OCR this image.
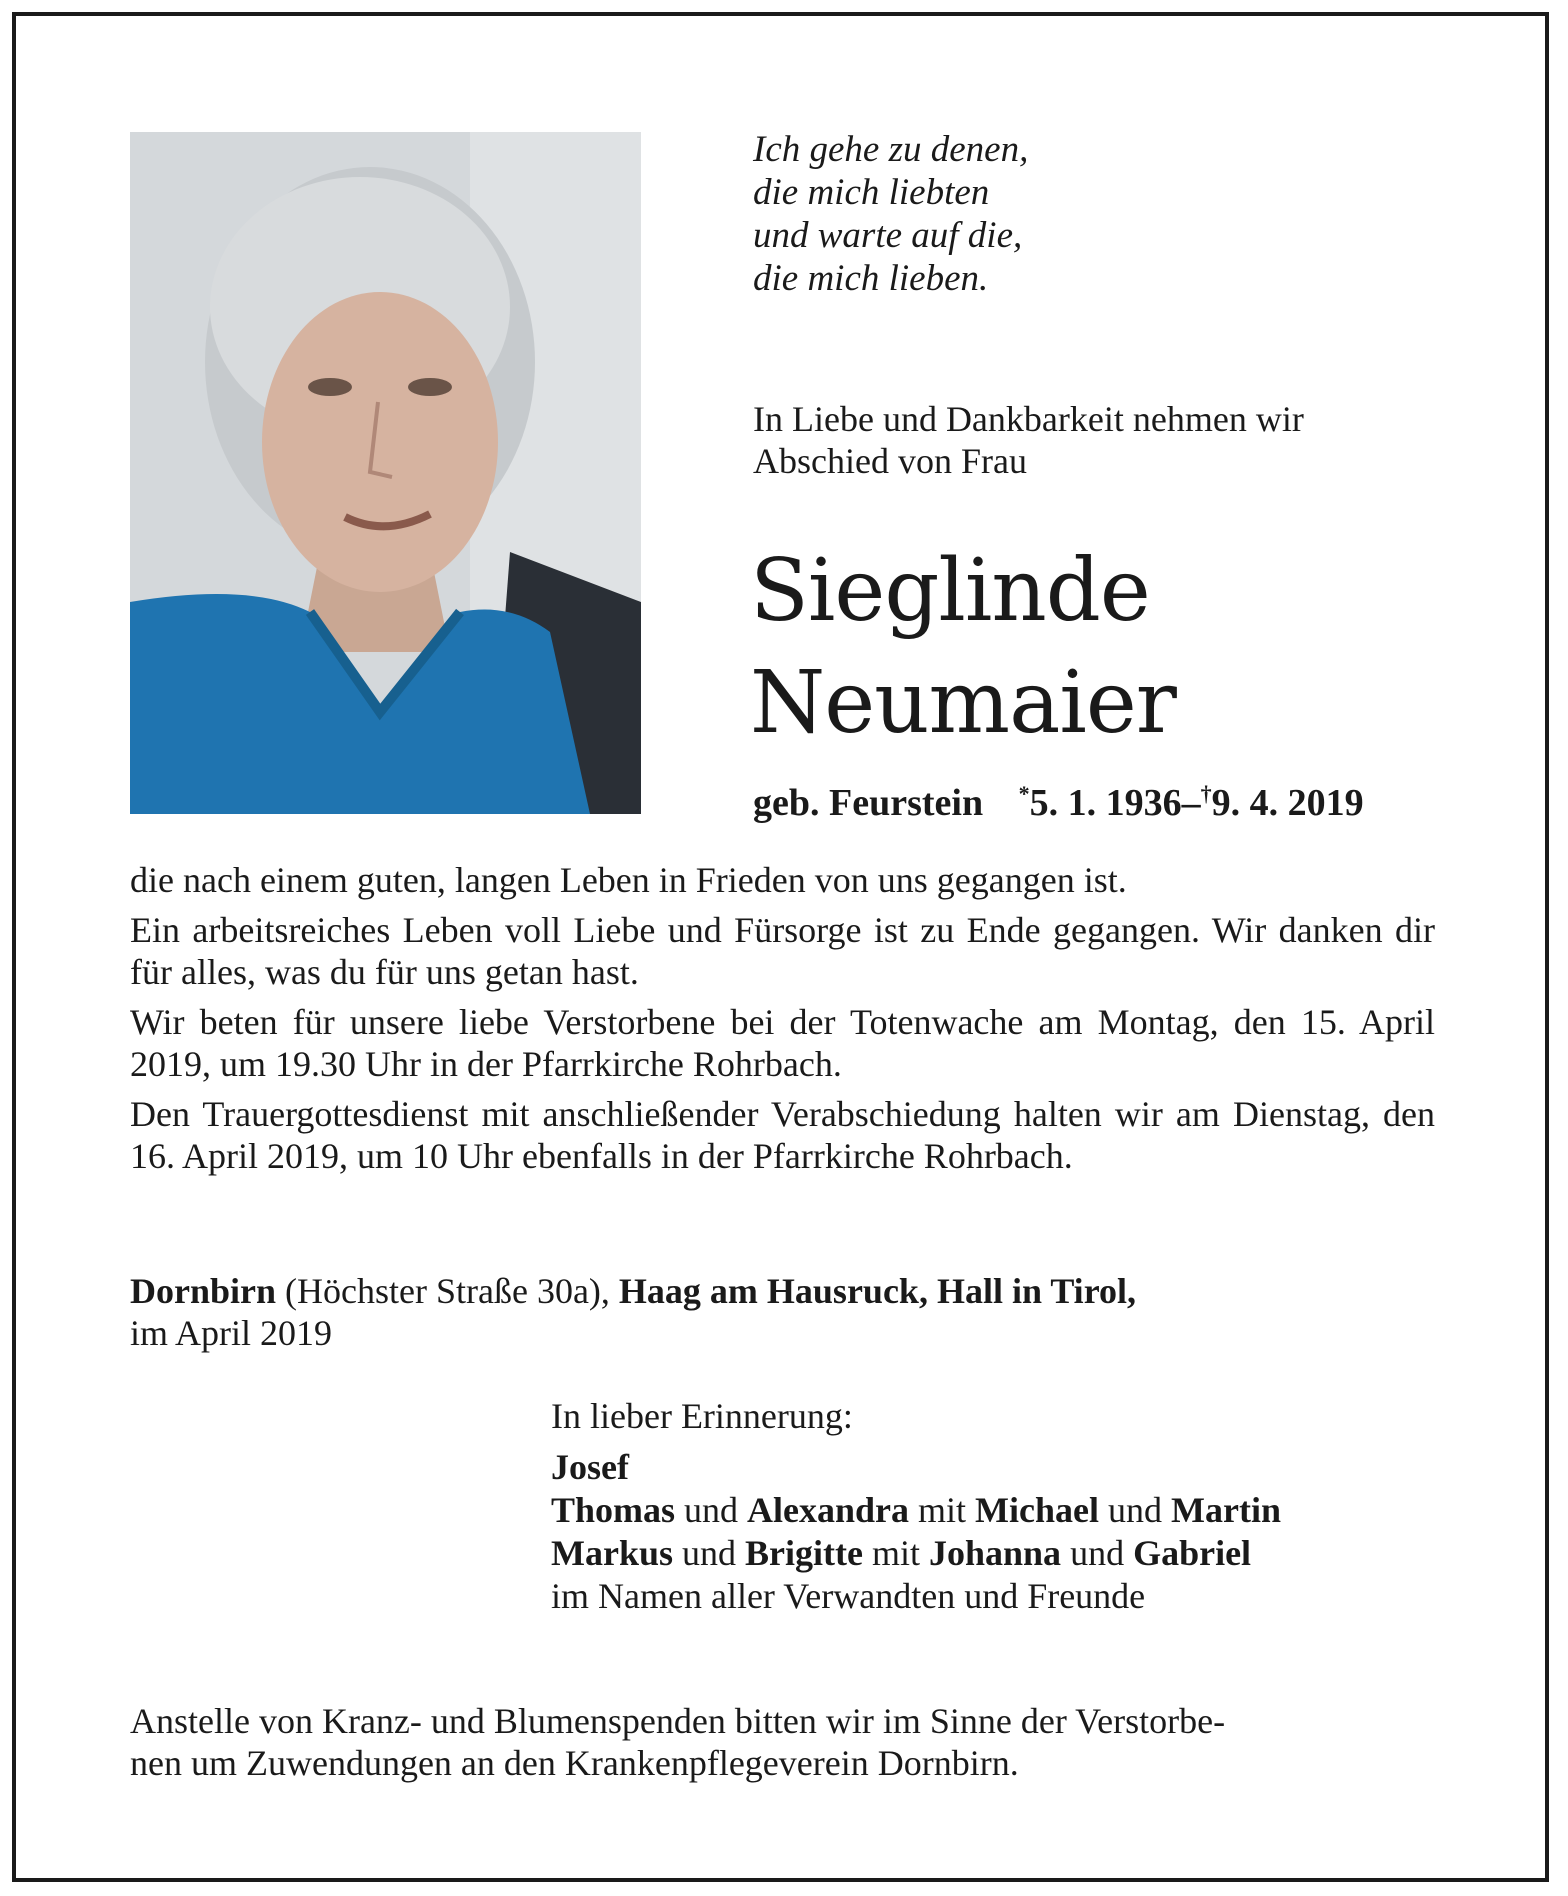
Ich gehe zu denen,
die mich liebten
und warte auf die,
die mich lieben.
In Liebe und Dankbarkeit nehmen wir
Abschied von Frau
Sieglinde
Neumaier
geb. Feurstein *5. 1. 1936–†9. 4. 2019

die nach einem guten, langen Leben in Frieden von uns gegangen ist.

Ein arbeitsreiches Leben voll Liebe und Fürsorge ist zu Ende gegangen. Wir danken dir für alles, was du für uns getan hast.

Wir beten für unsere liebe Verstorbene bei der Totenwache am Montag, den 15. April 2019, um 19.30 Uhr in der Pfarrkirche Rohrbach.

Den Trauergottesdienst mit anschließender Verabschiedung halten wir am Dienstag, den 16. April 2019, um 10 Uhr ebenfalls in der Pfarrkirche Rohrbach.

Dornbirn (Höchster Straße 30a), Haag am Hausruck, Hall in Tirol,
im April 2019
In lieber Erinnerung:
Josef
Thomas und Alexandra mit Michael und Martin
Markus und Brigitte mit Johanna und Gabriel
im Namen aller Verwandten und Freunde
Anstelle von Kranz- und Blumenspenden bitten wir im Sinne der Verstorbe-
nen um Zuwendungen an den Krankenpflegeverein Dornbirn.
